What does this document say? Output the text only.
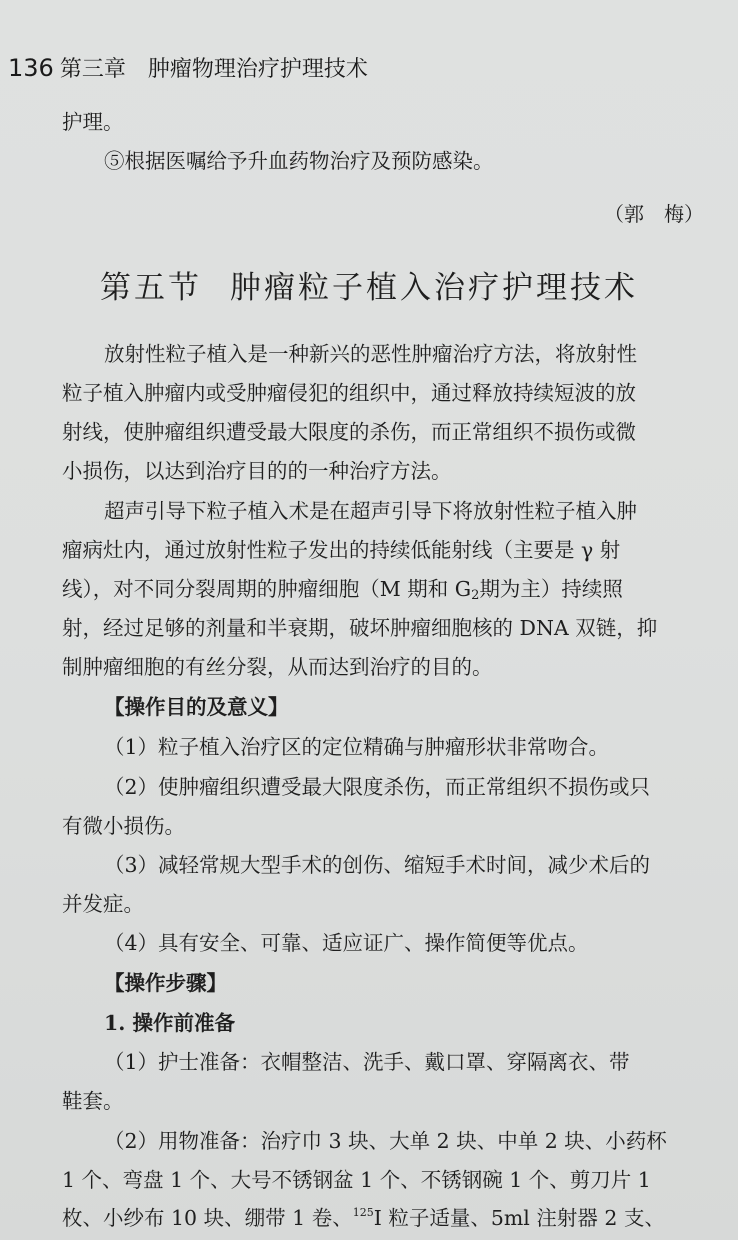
136 第三章 肿瘤物理治疗护理技术
护理。
⑤根据医嘱给予升血药物治疗及预防感染。
（郭　梅）
第五节 肿瘤粒子植入治疗护理技术
放射性粒子植入是一种新兴的恶性肿瘤治疗方法，将放射性
粒子植入肿瘤内或受肿瘤侵犯的组织中，通过释放持续短波的放
射线，使肿瘤组织遭受最大限度的杀伤，而正常组织不损伤或微
小损伤，以达到治疗目的的一种治疗方法。
超声引导下粒子植入术是在超声引导下将放射性粒子植入肿
瘤病灶内，通过放射性粒子发出的持续低能射线（主要是 γ 射
线），对不同分裂周期的肿瘤细胞（M 期和 $G_2$期为主）持续照
射，经过足够的剂量和半衰期，破坏肿瘤细胞核的 DNA 双链，抑
制肿瘤细胞的有丝分裂，从而达到治疗的目的。
【操作目的及意义】
（1）粒子植入治疗区的定位精确与肿瘤形状非常吻合。
（2）使肿瘤组织遭受最大限度杀伤，而正常组织不损伤或只
有微小损伤。
（3）减轻常规大型手术的创伤、缩短手术时间，减少术后的
并发症。
（4）具有安全、可靠、适应证广、操作简便等优点。
【操作步骤】
1. 操作前准备
（1）护士准备：衣帽整洁、洗手、戴口罩、穿隔离衣、带
鞋套。
（2）用物准备：治疗巾 3 块、大单 2 块、中单 2 块、小药杯
1 个、弯盘 1 个、大号不锈钢盆 1 个、不锈钢碗 1 个、剪刀片 1
枚、小纱布 10 块、绷带 1 卷、$^{125}$I 粒子适量、5ml 注射器 2 支、
